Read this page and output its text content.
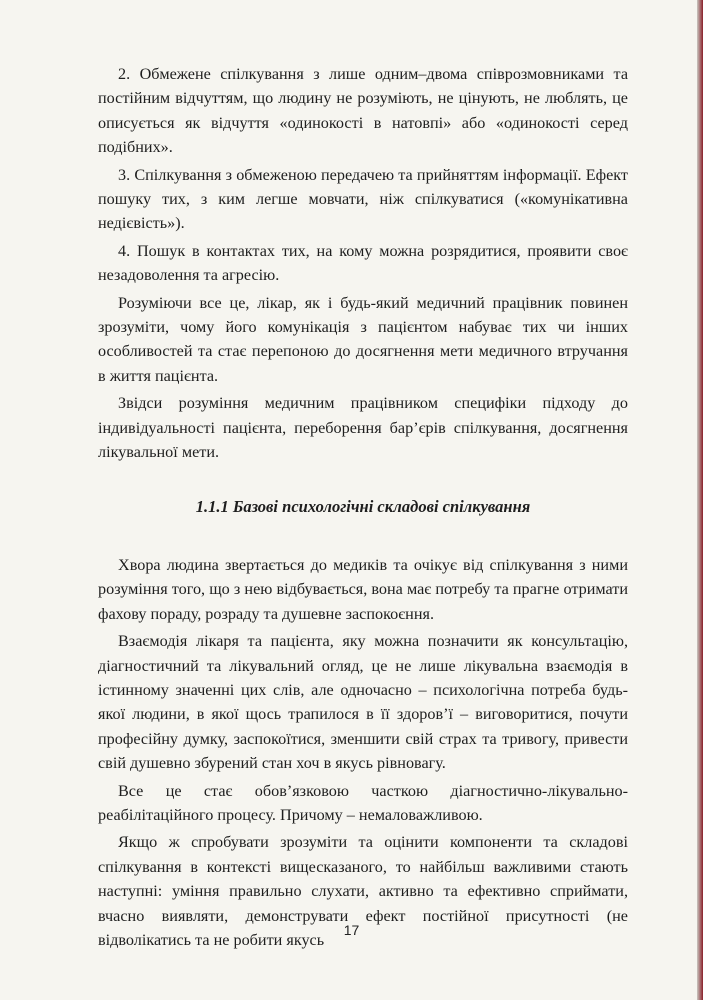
2. Обмежене спілкування з лише одним–двома співрозмовниками та постійним відчуттям, що людину не розуміють, не цінують, не люблять, це описується як відчуття «одинокості в натовпі» або «одинокості серед подібних».

3. Спілкування з обмеженою передачею та прийняттям інформації. Ефект пошуку тих, з ким легше мовчати, ніж спілкуватися («комунікативна недієвість»).

4. Пошук в контактах тих, на кому можна розрядитися, проявити своє незадоволення та агресію.

Розуміючи все це, лікар, як і будь-який медичний працівник повинен зрозуміти, чому його комунікація з пацієнтом набуває тих чи інших особливостей та стає перепоною до досягнення мети медичного втручання в життя пацієнта.

Звідси розуміння медичним працівником специфіки підходу до індивідуальності пацієнта, переборення бар’єрів спілкування, досягнення лікувальної мети.

1.1.1 Базові психологічні складові спілкування

Хвора людина звертається до медиків та очікує від спілкування з ними розуміння того, що з нею відбувається, вона має потребу та прагне отримати фахову пораду, розраду та душевне заспокоєння.

Взаємодія лікаря та пацієнта, яку можна позначити як консультацію, діагностичний та лікувальний огляд, це не лише лікувальна взаємодія в істинному значенні цих слів, але одночасно – психологічна потреба будь-якої людини, в якої щось трапилося в її здоров’ї – виговоритися, почути професійну думку, заспокоїтися, зменшити свій страх та тривогу, привести свій душевно збурений стан хоч в якусь рівновагу.

Все це стає обов’язковою часткою діагностично-лікувально-реабілітаційного процесу. Причому – немаловажливою.

Якщо ж спробувати зрозуміти та оцінити компоненти та складові спілкування в контексті вищесказаного, то найбільш важливими стають наступні: уміння правильно слухати, активно та ефективно сприймати, вчасно виявляти, демонструвати ефект постійної присутності (не відволікатись та не робити якусь

17
